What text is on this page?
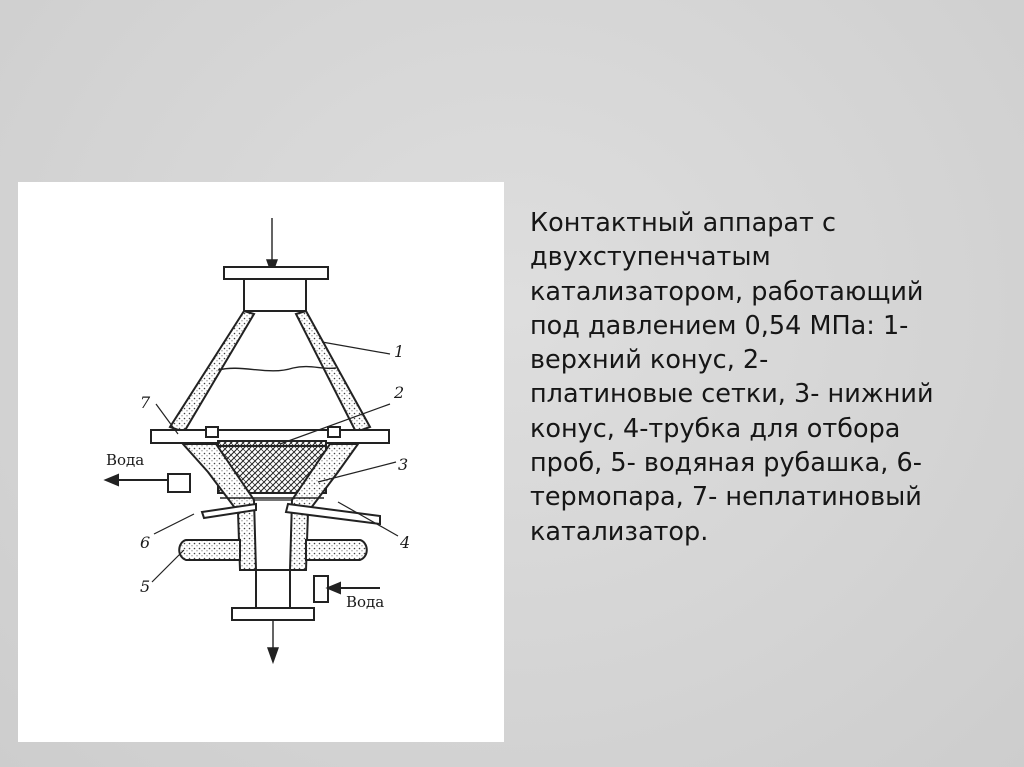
1
2
3
4
5
6
7
Вода
Вода

Контактный аппарат с
двухступенчатым
катализатором, работающий
под давлением 0,54 МПа: 1-
верхний конус, 2-
платиновые сетки, 3- нижний
конус, 4-трубка для отбора
проб, 5- водяная рубашка, 6-
термопара, 7- неплатиновый
катализатор.
